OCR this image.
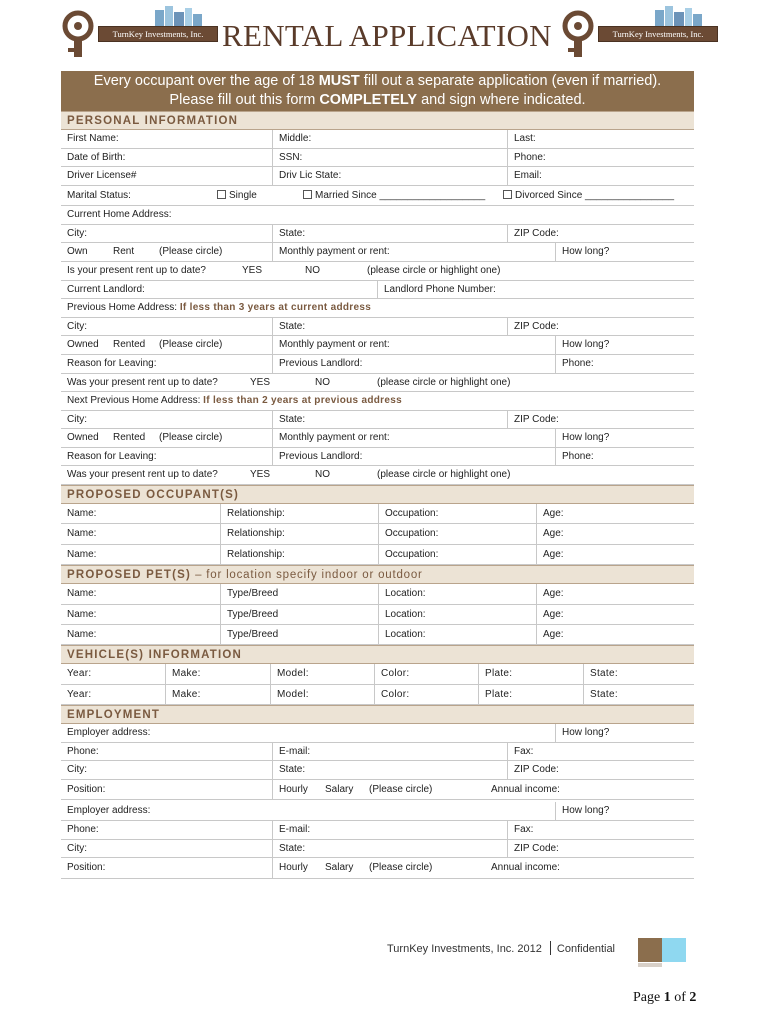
TurnKey Investments, Inc. RENTAL APPLICATION	TurnKey Investments, Inc.
Every occupant over the age of 18 MUST fill out a separate application (even if married).
Please fill out this form COMPLETELY and sign where indicated.
PERSONAL INFORMATION
First Name:	Middle:	Last:
Date of Birth:	SSN:	Phone:
Driver License#	Driv Lic State:	Email:
Marital Status:	Single	Married Since ___________________	Divorced Since ________________
Current Home Address:
City:	State:	ZIP Code:
Own	Rent	(Please circle)	Monthly payment or rent:	How long?
Is your present rent up to date?	YES	NO	(please circle or highlight one)
Current Landlord:	Landlord Phone Number:
Previous Home Address: If less than 3 years at current address
City:	State:	ZIP Code:
Owned	Rented	(Please circle)	Monthly payment or rent:	How long?
Reason for Leaving:	Previous Landlord:	Phone:
Was your present rent up to date?	YES	NO	(please circle or highlight one)
Next Previous Home Address: If less than 2 years at previous address
City:	State:	ZIP Code:
Owned	Rented	(Please circle)	Monthly payment or rent:	How long?
Reason for Leaving:	Previous Landlord:	Phone:
Was your present rent up to date?	YES	NO	(please circle or highlight one)
PROPOSED OCCUPANT(S)
Name:	Relationship:	Occupation:	Age:
Name:	Relationship:	Occupation:	Age:
Name:	Relationship:	Occupation:	Age:
PROPOSED PET(S) – for location specify indoor or outdoor
Name:	Type/Breed	Location:	Age:
Name:	Type/Breed	Location:	Age:
Name:	Type/Breed	Location:	Age:
VEHICLE(S) INFORMATION
Year:	Make:	Model:	Color:	Plate:	State:
Year:	Make:	Model:	Color:	Plate:	State:
EMPLOYMENT
Employer address:	How long?
Phone:	E-mail:	Fax:
City:	State:	ZIP Code:
Position:	Hourly	Salary	(Please circle)	Annual income:
Employer address:	How long?
Phone:	E-mail:	Fax:
City:	State:	ZIP Code:
Position:	Hourly	Salary	(Please circle)	Annual income:
TurnKey Investments, Inc. 2012 Confidential
Page 1 of 2
